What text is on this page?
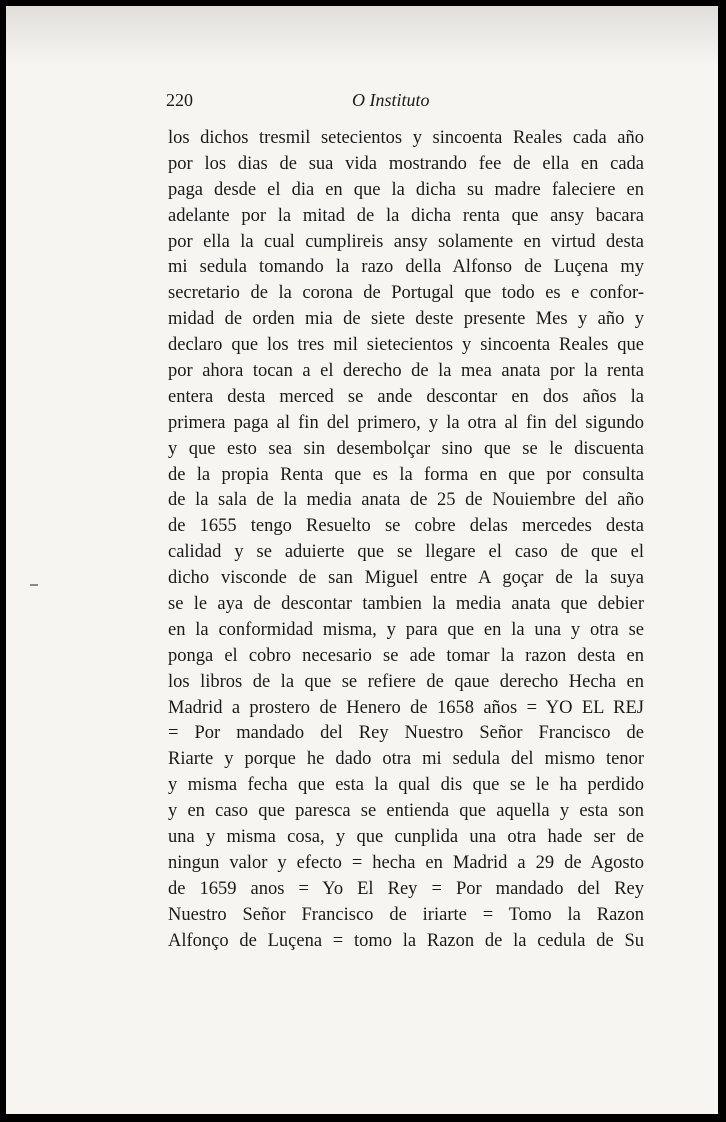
220	O Instituto
los dichos tresmil setecientos y sincoenta Reales cada año
por los dias de sua vida mostrando fee de ella en cada
paga desde el dia en que la dicha su madre faleciere en
adelante por la mitad de la dicha renta que ansy bacara
por ella la cual cumplireis ansy solamente en virtud desta
mi sedula tomando la razo della Alfonso de Luçena my
secretario de la corona de Portugal que todo es e confor-
midad de orden mia de siete deste presente Mes y año y
declaro que los tres mil sietecientos y sincoenta Reales que
por ahora tocan a el derecho de la mea anata por la renta
entera desta merced se ande descontar en dos años la
primera paga al fin del primero, y la otra al fin del sigundo
y que esto sea sin desembolçar sino que se le discuenta
de la propia Renta que es la forma en que por consulta
de la sala de la media anata de 25 de Nouiembre del año
de 1655 tengo Resuelto se cobre delas mercedes desta
calidad y se aduierte que se llegare el caso de que el
dicho visconde de san Miguel entre A goçar de la suya
se le aya de descontar tambien la media anata que debier
en la conformidad misma, y para que en la una y otra se
ponga el cobro necesario se ade tomar la razon desta en
los libros de la que se refiere de qaue derecho Hecha en
Madrid a prostero de Henero de 1658 años = YO EL REJ
= Por mandado del Rey Nuestro Señor Francisco de
Riarte y porque he dado otra mi sedula del mismo tenor
y misma fecha que esta la qual dis que se le ha perdido
y en caso que paresca se entienda que aquella y esta son
una y misma cosa, y que cunplida una otra hade ser de
ningun valor y efecto = hecha en Madrid a 29 de Agosto
de 1659 anos = Yo El Rey = Por mandado del Rey
Nuestro Señor Francisco de iriarte = Tomo la Razon
Alfonço de Luçena = tomo la Razon de la cedula de Su
